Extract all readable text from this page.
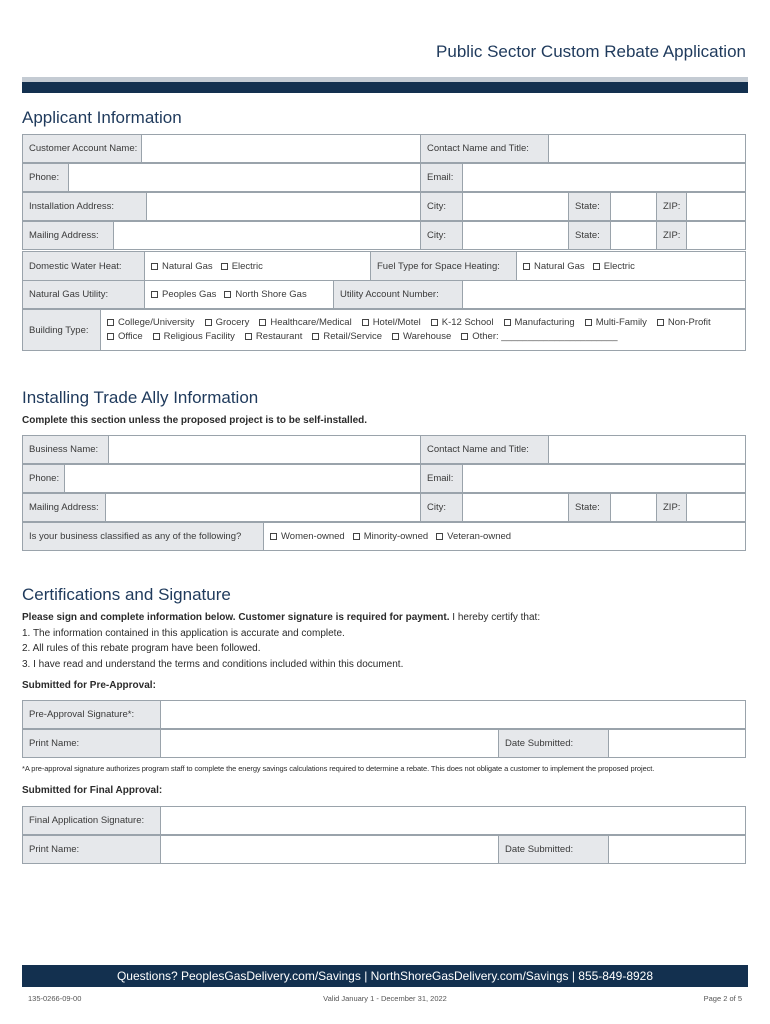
Public Sector Custom Rebate Application
Applicant Information
Customer Account Name:	Contact Name and Title:
Phone:	Email:
Installation Address:	City:	State:	ZIP:
Mailing Address:	City:	State:	ZIP:
Domestic Water Heat:	Natural Gas	Electric	Fuel Type for Space Heating:	Natural Gas	Electric
Natural Gas Utility:	Peoples Gas	North Shore Gas	Utility Account Number:
Building Type:
College/University Grocery Healthcare/Medical Hotel/Motel K-12 School Manufacturing Multi-Family Non-Profit
Office Religious Facility Restaurant Retail/Service Warehouse Other: ______________________
Installing Trade Ally Information
Complete this section unless the proposed project is to be self-installed.
Business Name:	Contact Name and Title:
Phone:	Email:
Mailing Address:	City:	State:	ZIP:
Is your business classified as any of the following?	Women-owned	Minority-owned	Veteran-owned
Certifications and Signature
Please sign and complete information below. Customer signature is required for payment. I hereby certify that:
1. The information contained in this application is accurate and complete.
2. All rules of this rebate program have been followed.
3. I have read and understand the terms and conditions included within this document.
Submitted for Pre-Approval:
Pre-Approval Signature*:
Print Name:	Date Submitted:
*A pre-approval signature authorizes program staff to complete the energy savings calculations required to determine a rebate. This does not obligate a customer to implement the proposed project.
Submitted for Final Approval:
Final Application Signature:
Print Name:	Date Submitted:
Questions? PeoplesGasDelivery.com/Savings | NorthShoreGasDelivery.com/Savings | 855-849-8928
135-0266-09-00	Valid January 1 - December 31, 2022	Page 2 of 5
